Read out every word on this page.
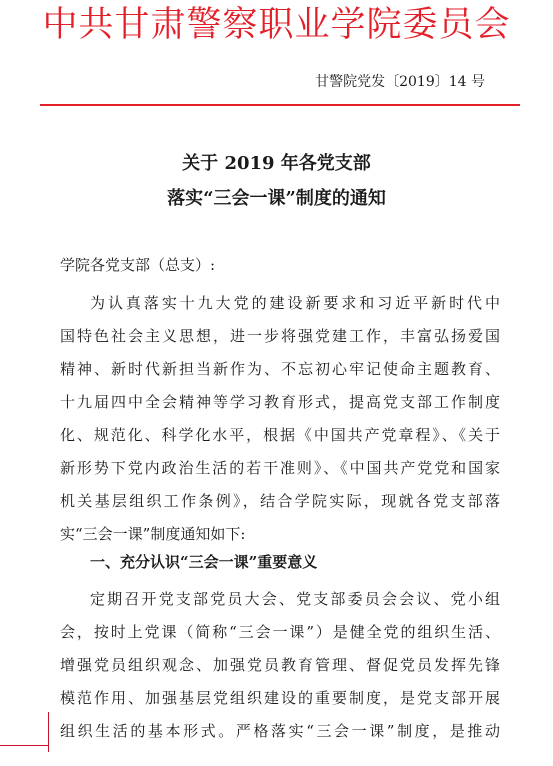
中共甘肃警察职业学院委员会
甘警院党发〔2019〕14 号
关于 2019 年各党支部
落实“三会一课”制度的通知
学院各党支部（总支）:
为认真落实十九大党的建设新要求和习近平新时代中
国特色社会主义思想，进一步将强党建工作，丰富弘扬爱国
精神、新时代新担当新作为、不忘初心牢记使命主题教育、
十九届四中全会精神等学习教育形式，提高党支部工作制度
化、规范化、科学化水平，根据《中国共产党章程》、《关于
新形势下党内政治生活的若干准则》、《中国共产党党和国家
机关基层组织工作条例》，结合学院实际，现就各党支部落
实“三会一课”制度通知如下:
一、充分认识“三会一课”重要意义
定期召开党支部党员大会、党支部委员会会议、党小组
会，按时上党课（简称“三会一课”）是健全党的组织生活、
增强党员组织观念、加强党员教育管理、督促党员发挥先锋
模范作用、加强基层党组织建设的重要制度，是党支部开展
组织生活的基本形式。严格落实“三会一课”制度，是推动
